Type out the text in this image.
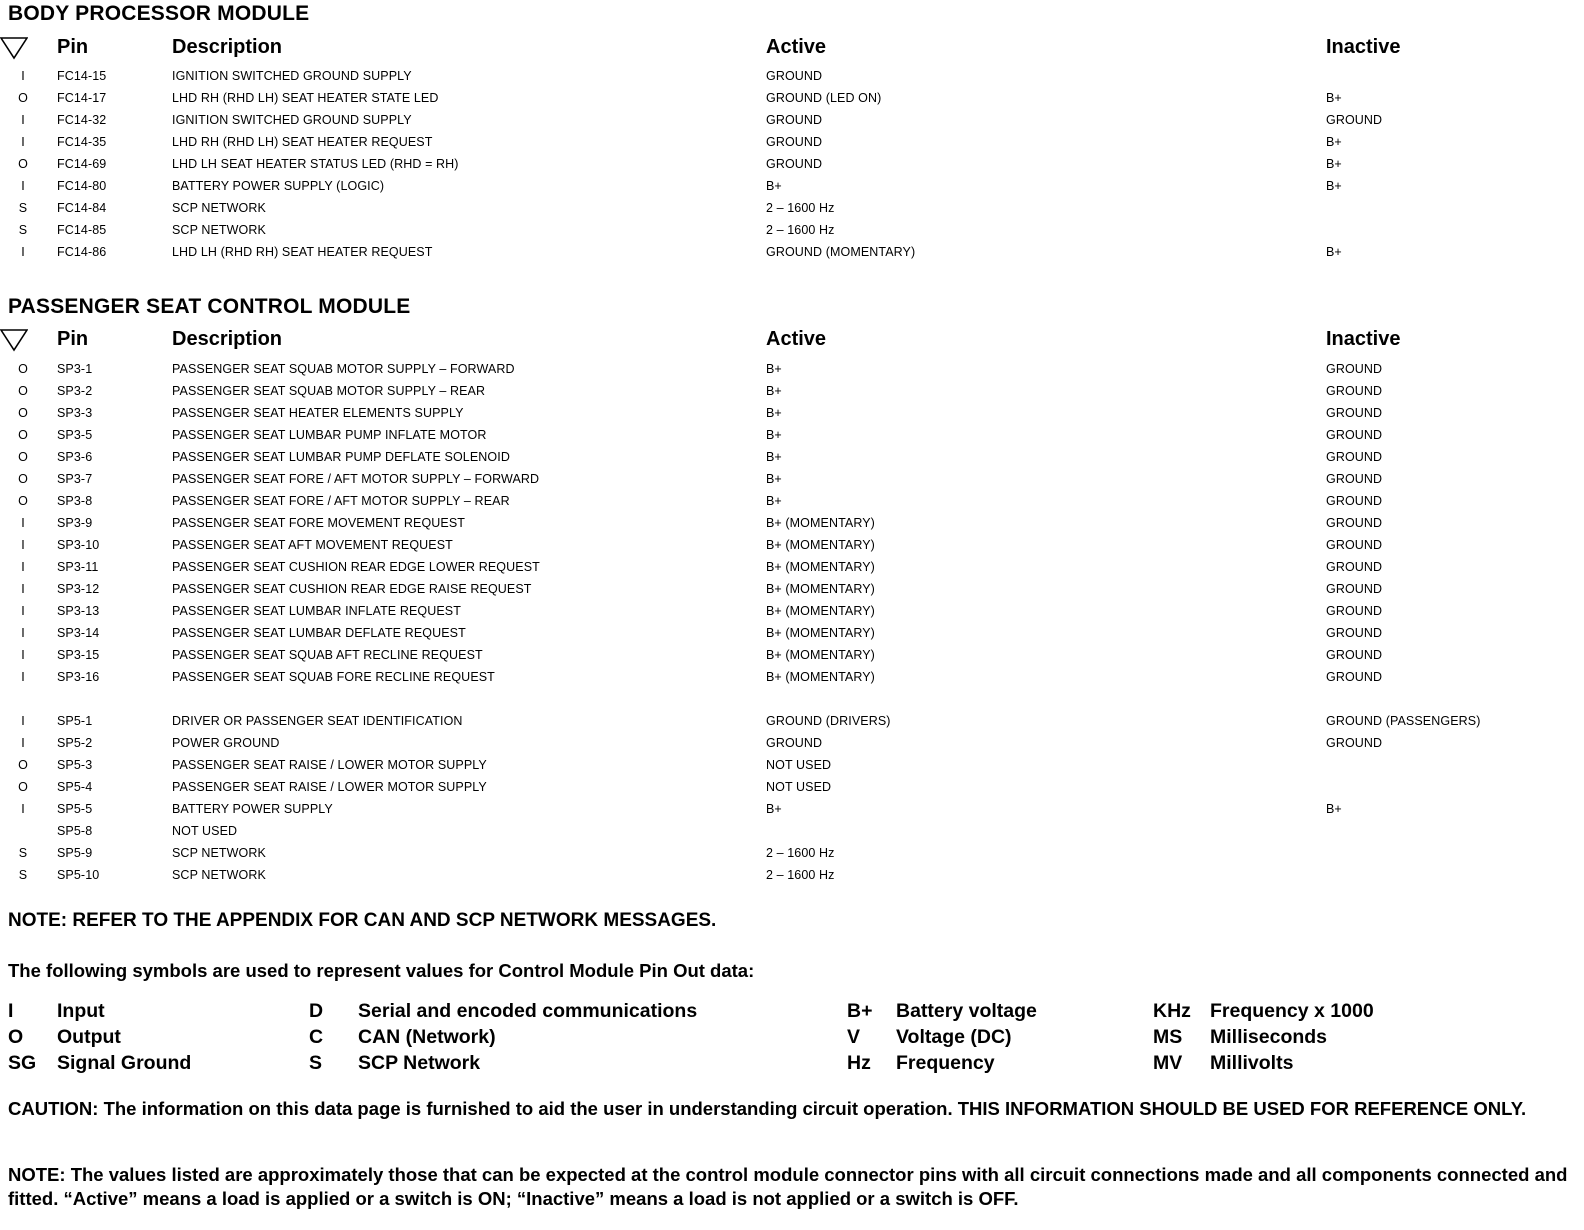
BODY PROCESSOR MODULE
Pin	Description	Active	Inactive
I	FC14-15	IGNITION SWITCHED GROUND SUPPLY	GROUND
O FC14-17	LHD RH (RHD LH) SEAT HEATER STATE LED	GROUND (LED ON)	B+
I	FC14-32	IGNITION SWITCHED GROUND SUPPLY	GROUND	GROUND
I	FC14-35	LHD RH (RHD LH) SEAT HEATER REQUEST	GROUND	B+
O FC14-69	LHD LH SEAT HEATER STATUS LED (RHD = RH)	GROUND	B+
I	FC14-80	BATTERY POWER SUPPLY (LOGIC)	B+	B+
S FC14-84	SCP NETWORK	2 – 1600 Hz
S FC14-85	SCP NETWORK	2 – 1600 Hz
I	FC14-86	LHD LH (RHD RH) SEAT HEATER REQUEST	GROUND (MOMENTARY)	B+
PASSENGER SEAT CONTROL MODULE
Pin	Description	Active	Inactive
O SP3-1	PASSENGER SEAT SQUAB MOTOR SUPPLY – FORWARD	B+	GROUND
O SP3-2	PASSENGER SEAT SQUAB MOTOR SUPPLY – REAR	B+	GROUND
O SP3-3	PASSENGER SEAT HEATER ELEMENTS SUPPLY	B+	GROUND
O SP3-5	PASSENGER SEAT LUMBAR PUMP INFLATE MOTOR	B+	GROUND
O SP3-6	PASSENGER SEAT LUMBAR PUMP DEFLATE SOLENOID	B+	GROUND
O SP3-7	PASSENGER SEAT FORE / AFT MOTOR SUPPLY – FORWARD	B+	GROUND
O SP3-8	PASSENGER SEAT FORE / AFT MOTOR SUPPLY – REAR	B+	GROUND
I	SP3-9	PASSENGER SEAT FORE MOVEMENT REQUEST	B+ (MOMENTARY)	GROUND
I	SP3-10	PASSENGER SEAT AFT MOVEMENT REQUEST	B+ (MOMENTARY)	GROUND
I	SP3-11	PASSENGER SEAT CUSHION REAR EDGE LOWER REQUEST	B+ (MOMENTARY)	GROUND
I	SP3-12	PASSENGER SEAT CUSHION REAR EDGE RAISE REQUEST	B+ (MOMENTARY)	GROUND
I	SP3-13	PASSENGER SEAT LUMBAR INFLATE REQUEST	B+ (MOMENTARY)	GROUND
I	SP3-14	PASSENGER SEAT LUMBAR DEFLATE REQUEST	B+ (MOMENTARY)	GROUND
I	SP3-15	PASSENGER SEAT SQUAB AFT RECLINE REQUEST	B+ (MOMENTARY)	GROUND
I	SP3-16	PASSENGER SEAT SQUAB FORE RECLINE REQUEST	B+ (MOMENTARY)	GROUND
I	SP5-1	DRIVER OR PASSENGER SEAT IDENTIFICATION	GROUND (DRIVERS)	GROUND (PASSENGERS)
I	SP5-2	POWER GROUND	GROUND	GROUND
O SP5-3	PASSENGER SEAT RAISE / LOWER MOTOR SUPPLY	NOT USED
O SP5-4	PASSENGER SEAT RAISE / LOWER MOTOR SUPPLY	NOT USED
I	SP5-5	BATTERY POWER SUPPLY	B+	B+
SP5-8	NOT USED
S SP5-9	SCP NETWORK	2 – 1600 Hz
S SP5-10	SCP NETWORK	2 – 1600 Hz
NOTE: REFER TO THE APPENDIX FOR CAN AND SCP NETWORK MESSAGES.
The following symbols are used to represent values for Control Module Pin Out data:
I Input
O Output
SG Signal Ground
D Serial and encoded communications
C CAN (Network)
S SCP Network
B+ Battery voltage
V Voltage (DC)
Hz Frequency
KHz Frequency x 1000
MS Milliseconds
MV Millivolts
CAUTION: The information on this data page is furnished to aid the user in understanding circuit operation. THIS INFORMATION SHOULD BE USED FOR REFERENCE ONLY.
NOTE: The values listed are approximately those that can be expected at the control module connector pins with all circuit connections made and all components connected and fitted. “Active” means a load is applied or a switch is ON; “Inactive” means a load is not applied or a switch is OFF.
